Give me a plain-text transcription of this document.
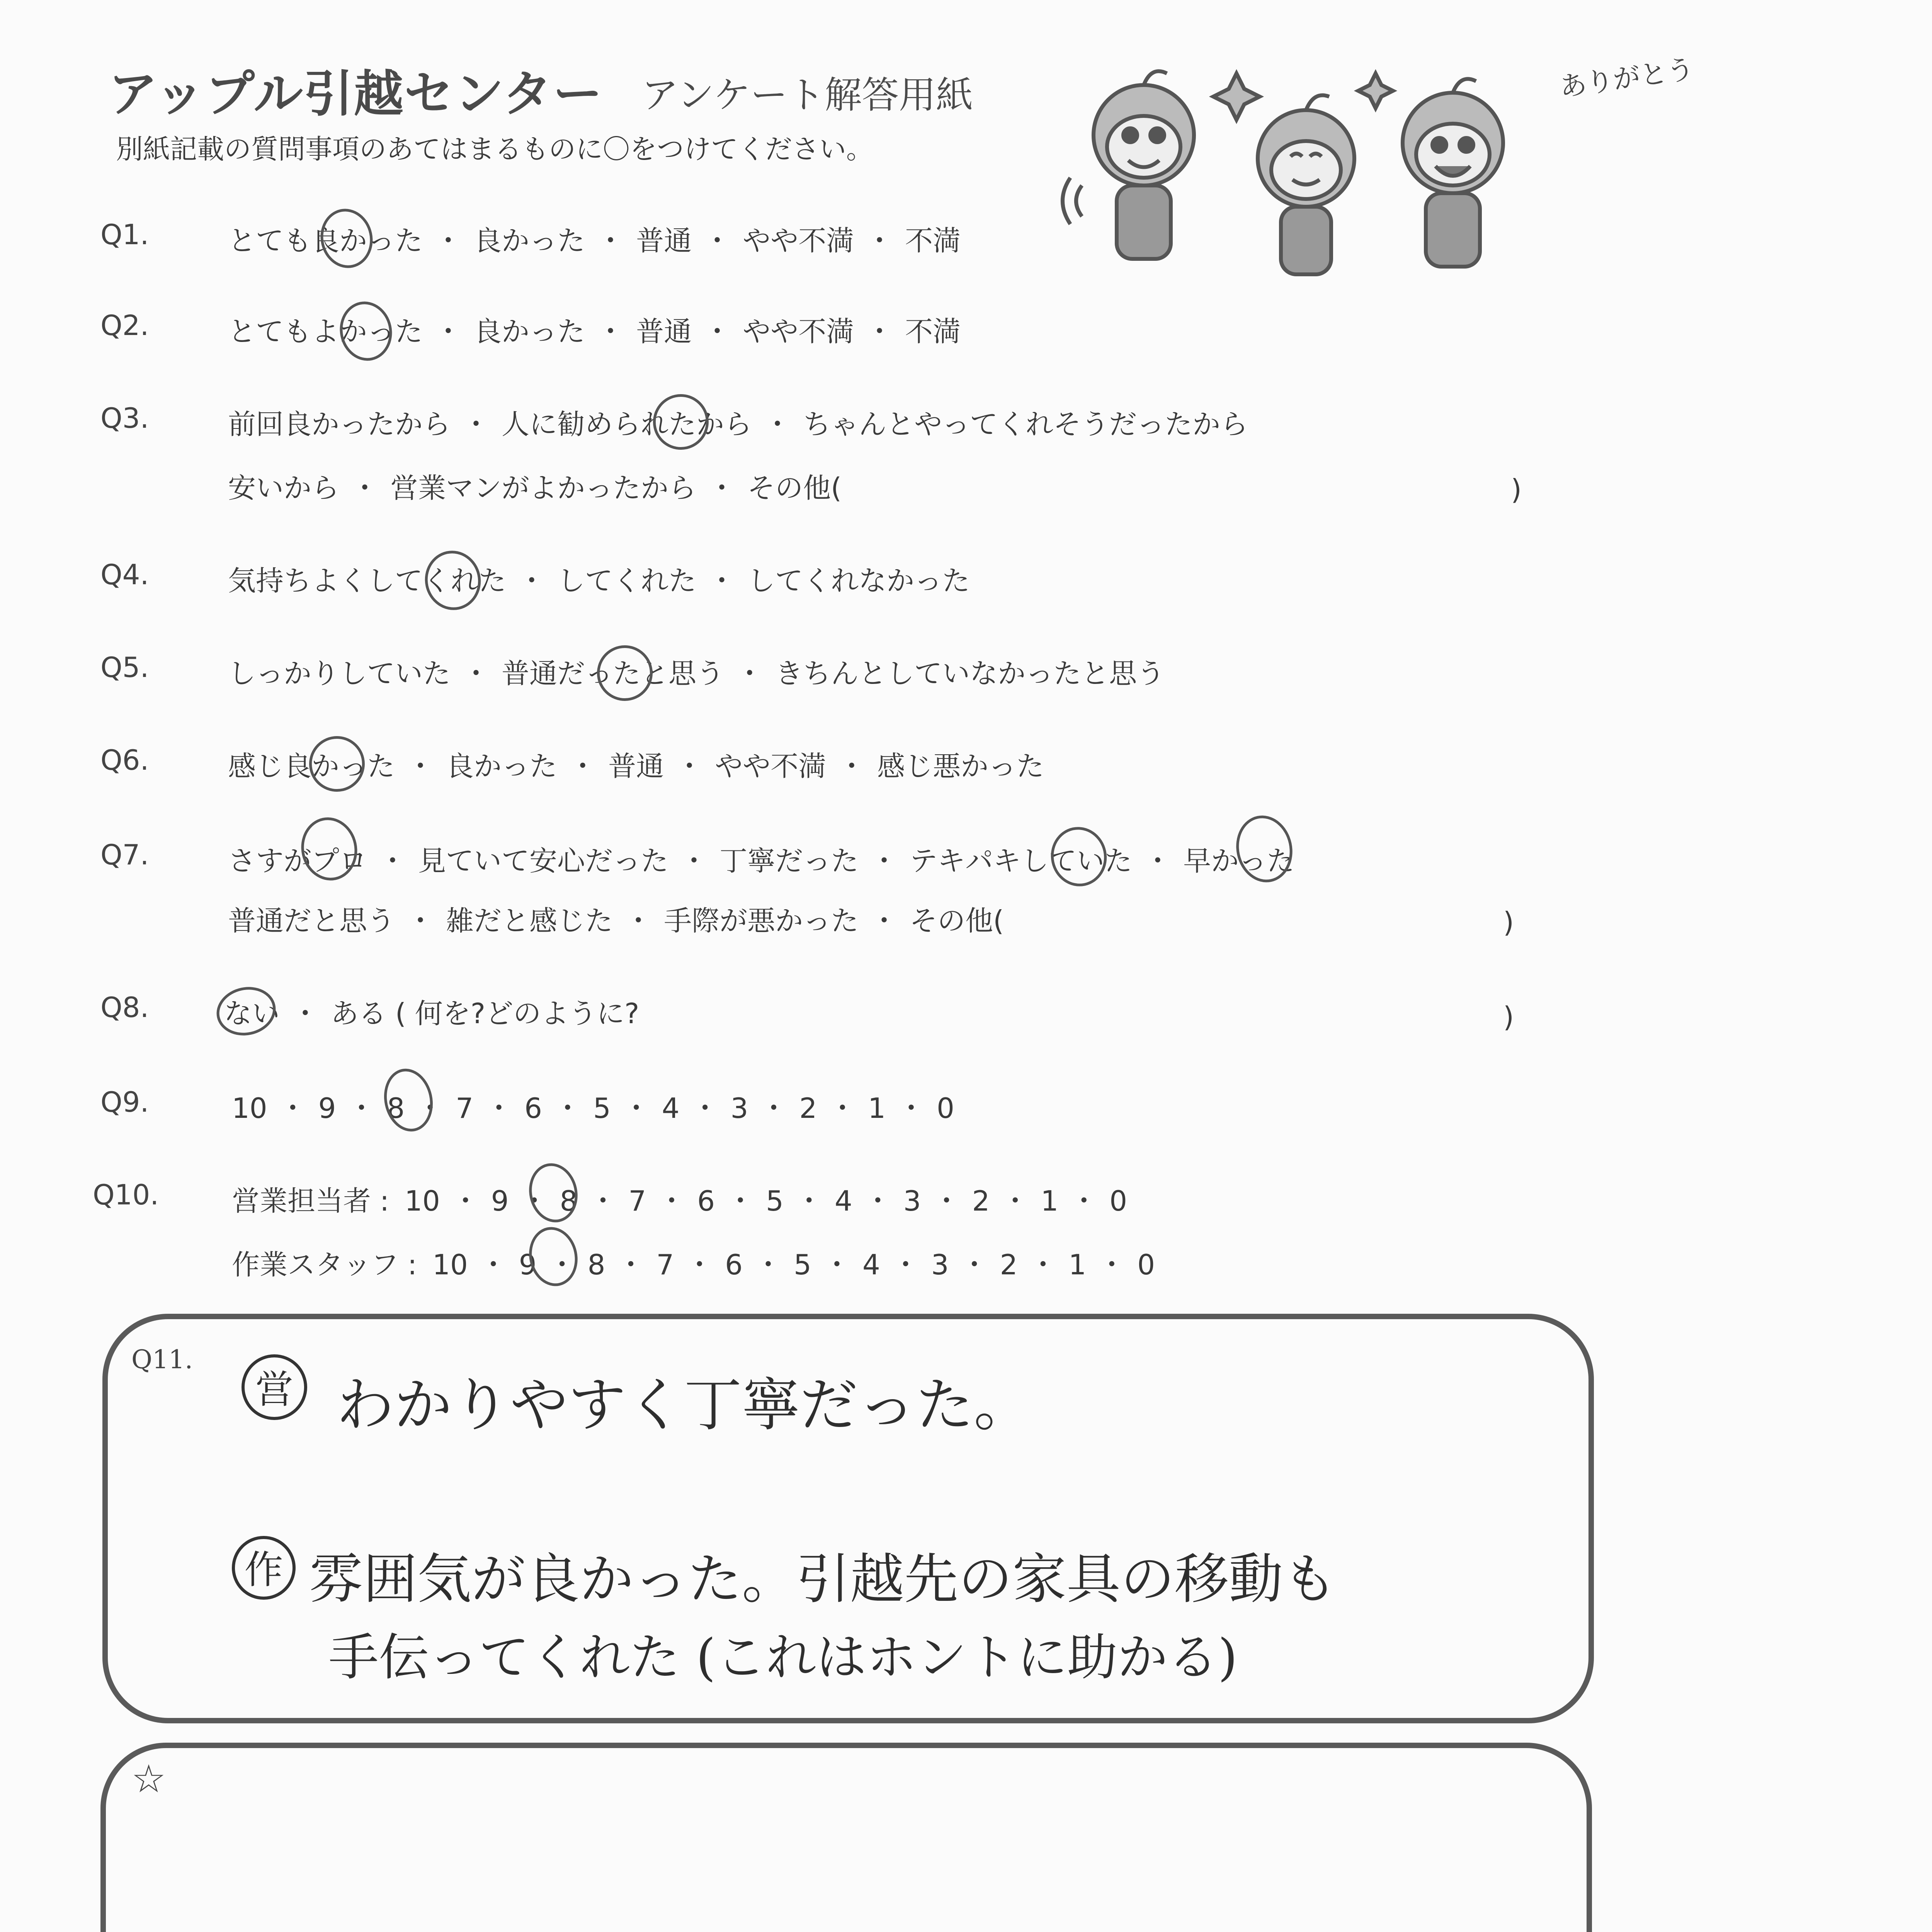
アップル引越センター アンケート解答用紙
別紙記載の質問事項のあてはまるものに〇をつけてください。
ありがとう
Q1.	とても良かった ・ 良かった ・ 普通 ・ やや不満 ・ 不満
Q2.	とてもよかった ・ 良かった ・ 普通 ・ やや不満 ・ 不満
Q3.	前回良かったから ・ 人に勧められたから ・ ちゃんとやってくれそうだったから
安いから ・ 営業マンがよかったから ・ その他(	)
Q4.	気持ちよくしてくれた ・ してくれた ・ してくれなかった
Q5.	しっかりしていた ・ 普通だったと思う ・ きちんとしていなかったと思う
Q6.	感じ良かった ・ 良かった ・ 普通 ・ やや不満 ・ 感じ悪かった
Q7.	さすがプロ ・ 見ていて安心だった ・ 丁寧だった ・ テキパキしていた ・ 早かった
普通だと思う ・ 雑だと感じた ・ 手際が悪かった ・ その他(	)
Q8.	ない ・ ある ( 何を?どのように?	)
Q9.	10 ・ 9 ・ 8 ・ 7 ・ 6 ・ 5 ・ 4 ・ 3 ・ 2 ・ 1 ・ 0
Q10.	営業担当者 : 10 ・ 9 ・ 8 ・ 7 ・ 6 ・ 5 ・ 4 ・ 3 ・ 2 ・ 1 ・ 0
作業スタッフ : 10 ・ 9 ・ 8 ・ 7 ・ 6 ・ 5 ・ 4 ・ 3 ・ 2 ・ 1 ・ 0
Q11.
営 わかりやすく丁寧だった。
作 雰囲気が良かった。引越先の家具の移動も
手伝ってくれた (これはホントに助かる)
☆
